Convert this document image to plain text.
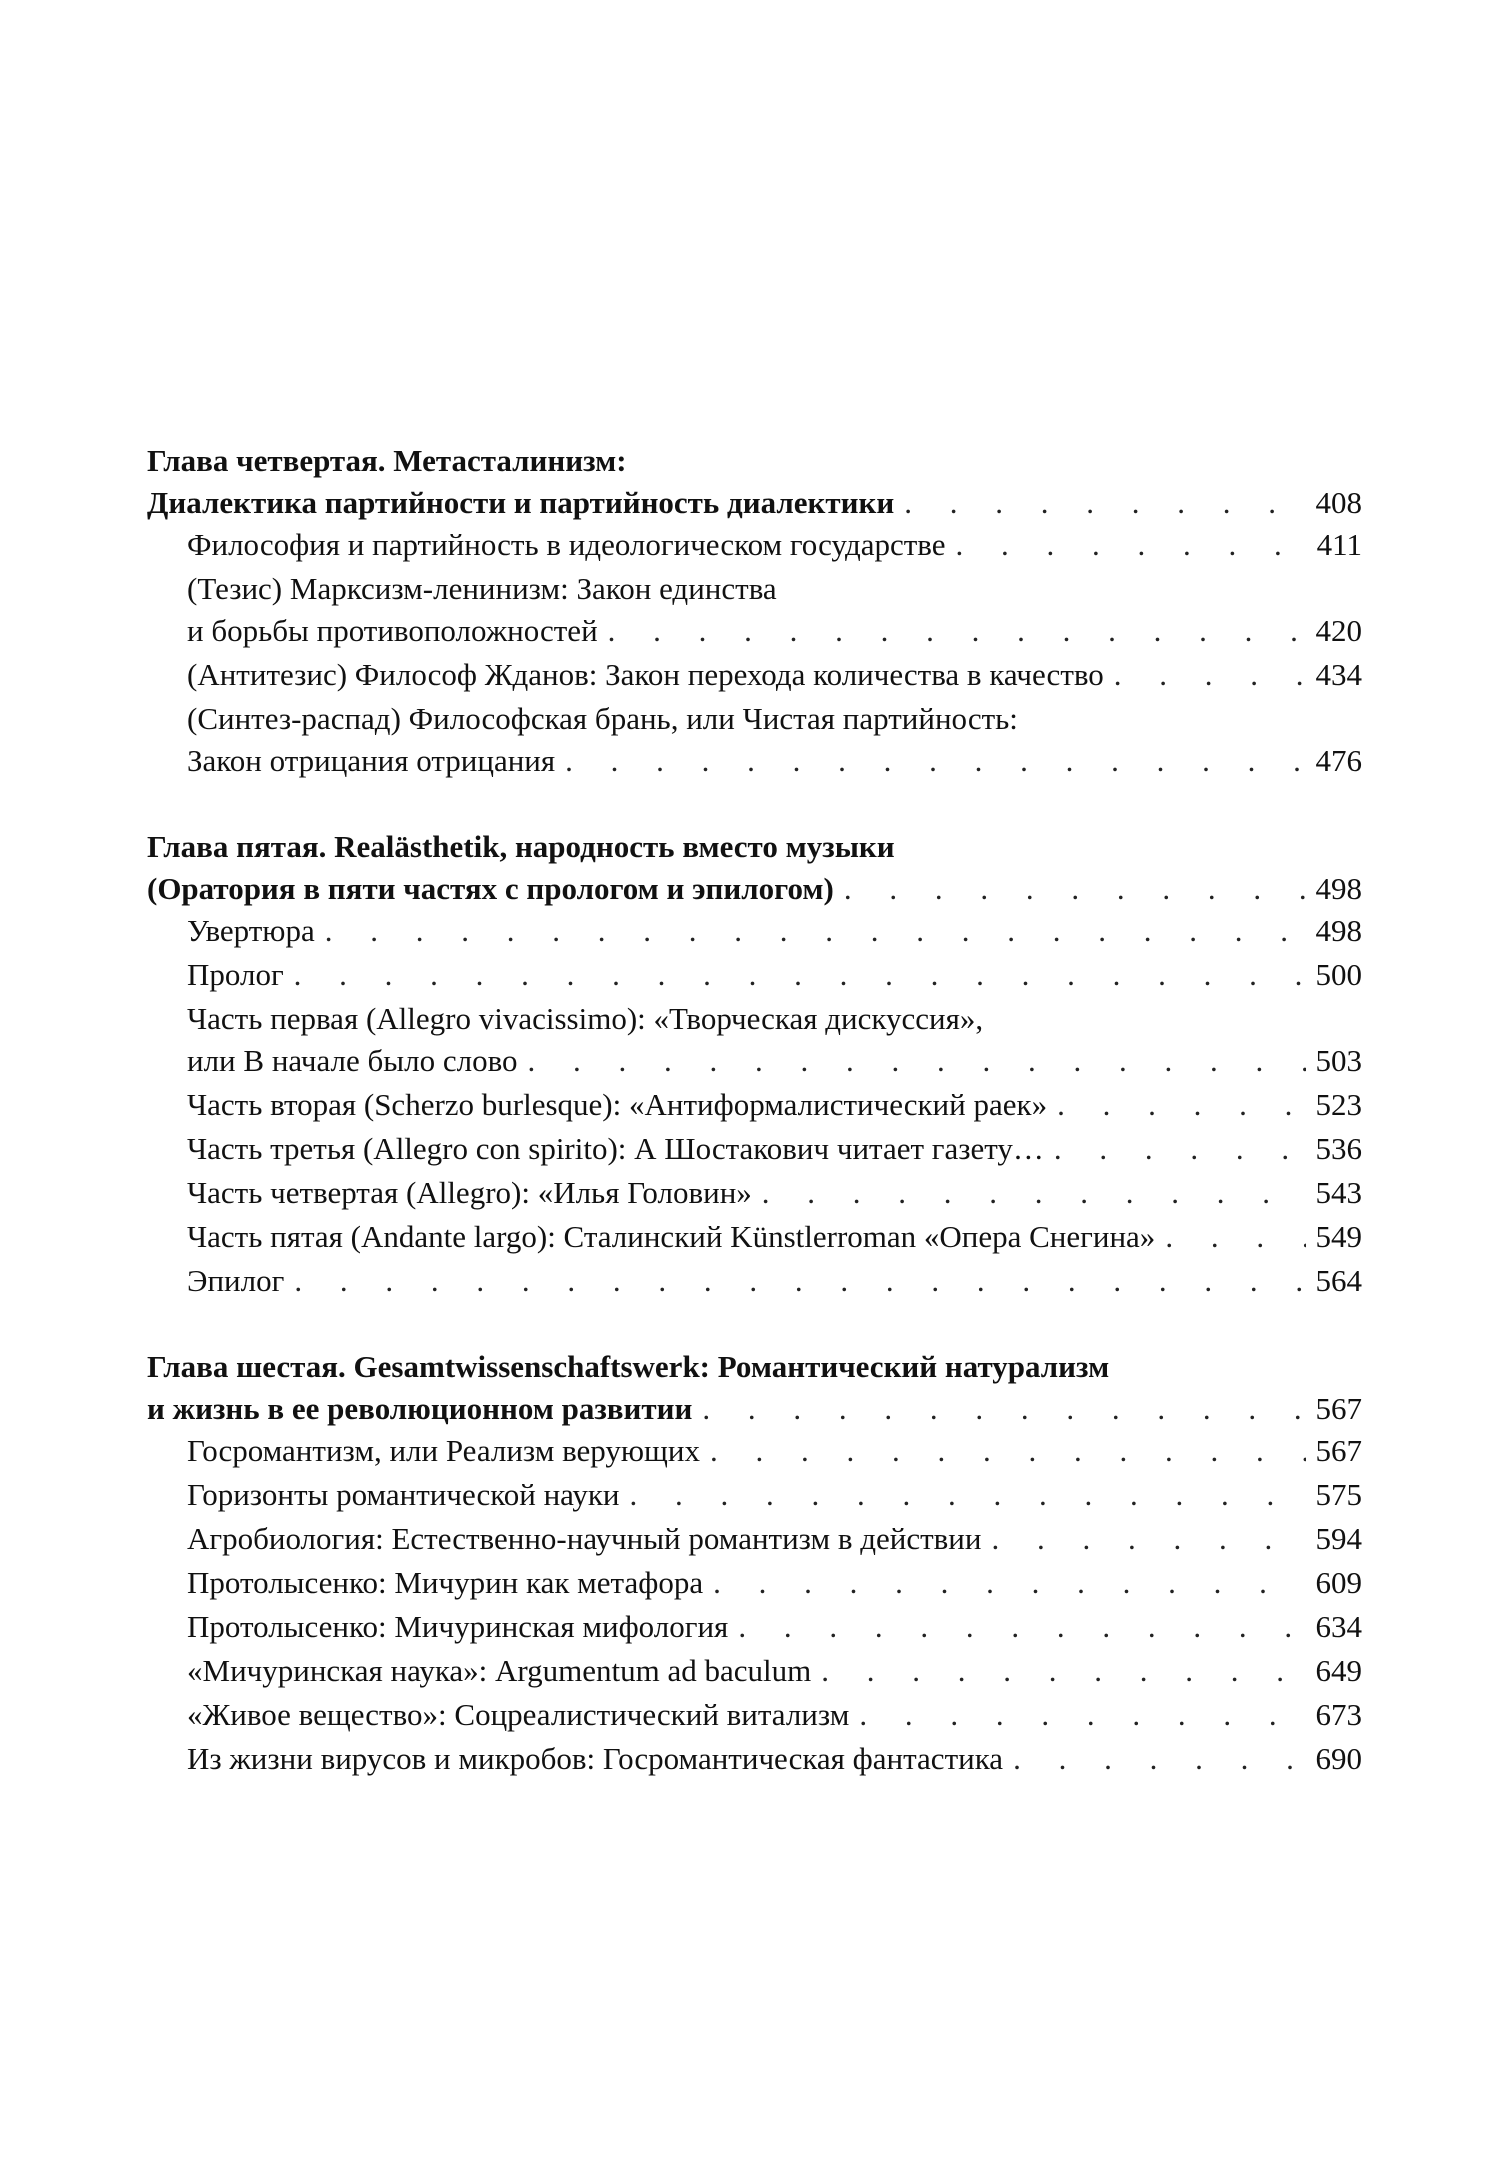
Глава четвертая. Метасталинизм:
Диалектика партийности и партийность диалектики . . .	408
Философия и партийность в идеологическом государстве . . .	411
(Тезис) Марксизм-ленинизм: Закон единства
и борьбы противоположностей . . .	420
(Антитезис) Философ Жданов: Закон перехода количества в качество . . .	434
(Синтез-распад) Философская брань, или Чистая партийность:
Закон отрицания отрицания . . .	476
Глава пятая. Realästhetik, народность вместо музыки
(Оратория в пяти частях с прологом и эпилогом) . . .	498
Увертюра . . .	498
Пролог . . .	500
Часть первая (Allegro vivacissimo): «Творческая дискуссия»,
или В начале было слово . . .	503
Часть вторая (Scherzo burlesque): «Антиформалистический раек» . . .	523
Часть третья (Allegro con spirito): А Шостакович читает газету… . . .	536
Часть четвертая (Allegro): «Илья Головин» . . .	543
Часть пятая (Andante largo): Сталинский Künstlerroman «Опера Снегина» . . .	549
Эпилог . . .	564
Глава шестая. Gesamtwissenschaftswerk: Романтический натурализм
и жизнь в ее революционном развитии . . .	567
Госромантизм, или Реализм верующих . . .	567
Горизонты романтической науки . . .	575
Агробиология: Естественно-научный романтизм в действии . . .	594
Протолысенко: Мичурин как метафора . . .	609
Протолысенко: Мичуринская мифология . . .	634
«Мичуринская наука»: Argumentum ad baculum . . .	649
«Живое вещество»: Соцреалистический витализм . . .	673
Из жизни вирусов и микробов: Госромантическая фантастика . . .	690
